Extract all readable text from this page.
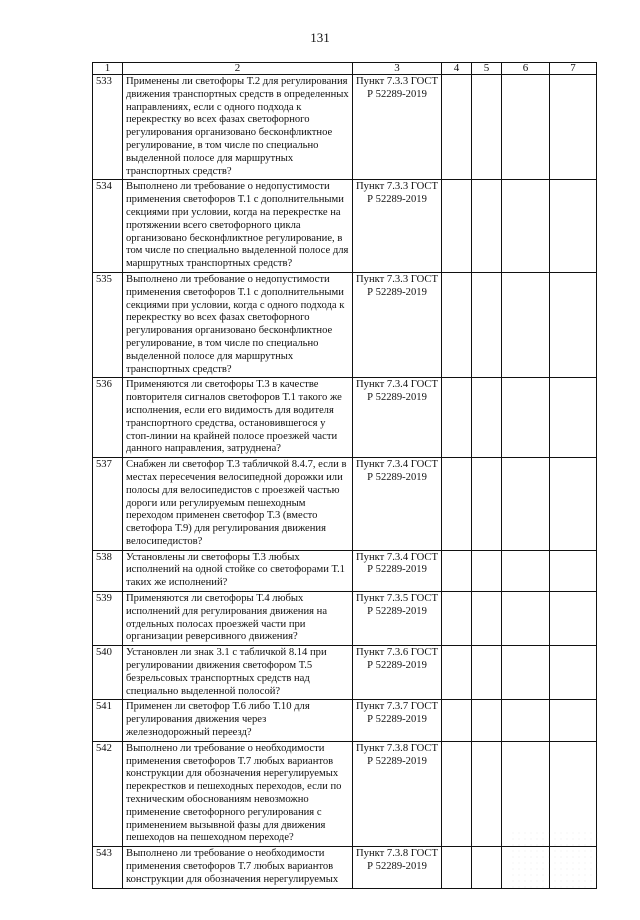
131
1	2	3	4	5	6	7
533	Применены ли светофоры Т.2 для регулирования движения транспортных средств в определенных направлениях, если с одного подхода к перекрестку во всех фазах светофорного регулирования организовано бесконфликтное регулирование, в том числе по специально выделенной полосе для маршрутных транспортных средств?	Пункт 7.3.3 ГОСТ Р 52289-2019				
534	Выполнено ли требование о недопустимости применения светофоров Т.1 с дополнительными секциями при условии, когда на перекрестке на протяжении всего светофорного цикла организовано бесконфликтное регулирование, в том числе по специально выделенной полосе для маршрутных транспортных средств?	Пункт 7.3.3 ГОСТ Р 52289-2019				
535	Выполнено ли требование о недопустимости применения светофоров Т.1 с дополнительными секциями при условии, когда с одного подхода к перекрестку во всех фазах светофорного регулирования организовано бесконфликтное регулирование, в том числе по специально выделенной полосе для маршрутных транспортных средств?	Пункт 7.3.3 ГОСТ Р 52289-2019				
536	Применяются ли светофоры Т.3 в качестве повторителя сигналов светофоров Т.1 такого же исполнения, если его видимость для водителя транспортного средства, остановившегося у стоп-линии на крайней полосе проезжей части данного направления, затруднена?	Пункт 7.3.4 ГОСТ Р 52289-2019				
537	Снабжен ли светофор Т.3 табличкой 8.4.7, если в местах пересечения велосипедной дорожки или полосы для велосипедистов с проезжей частью дороги или регулируемым пешеходным переходом применен светофор Т.3 (вместо светофора Т.9) для регулирования движения велосипедистов?	Пункт 7.3.4 ГОСТ Р 52289-2019				
538	Установлены ли светофоры Т.3 любых исполнений на одной стойке со светофорами Т.1 таких же исполнений?	Пункт 7.3.4 ГОСТ Р 52289-2019				
539	Применяются ли светофоры Т.4 любых исполнений для регулирования движения на отдельных полосах проезжей части при организации реверсивного движения?	Пункт 7.3.5 ГОСТ Р 52289-2019				
540	Установлен ли знак 3.1 с табличкой 8.14 при регулировании движения светофором Т.5 безрельсовых транспортных средств над специально выделенной полосой?	Пункт 7.3.6 ГОСТ Р 52289-2019				
541	Применен ли светофор Т.6 либо Т.10 для регулирования движения через железнодорожный переезд?	Пункт 7.3.7 ГОСТ Р 52289-2019				
542	Выполнено ли требование о необходимости применения светофоров Т.7 любых вариантов конструкции для обозначения нерегулируемых перекрестков и пешеходных переходов, если по техническим обоснованиям невозможно применение светофорного регулирования с применением вызывной фазы для движения пешеходов на пешеходном переходе?	Пункт 7.3.8 ГОСТ Р 52289-2019				
543	Выполнено ли требование о необходимости применения светофоров Т.7 любых вариантов конструкции для обозначения нерегулируемых	Пункт 7.3.8 ГОСТ Р 52289-2019				
